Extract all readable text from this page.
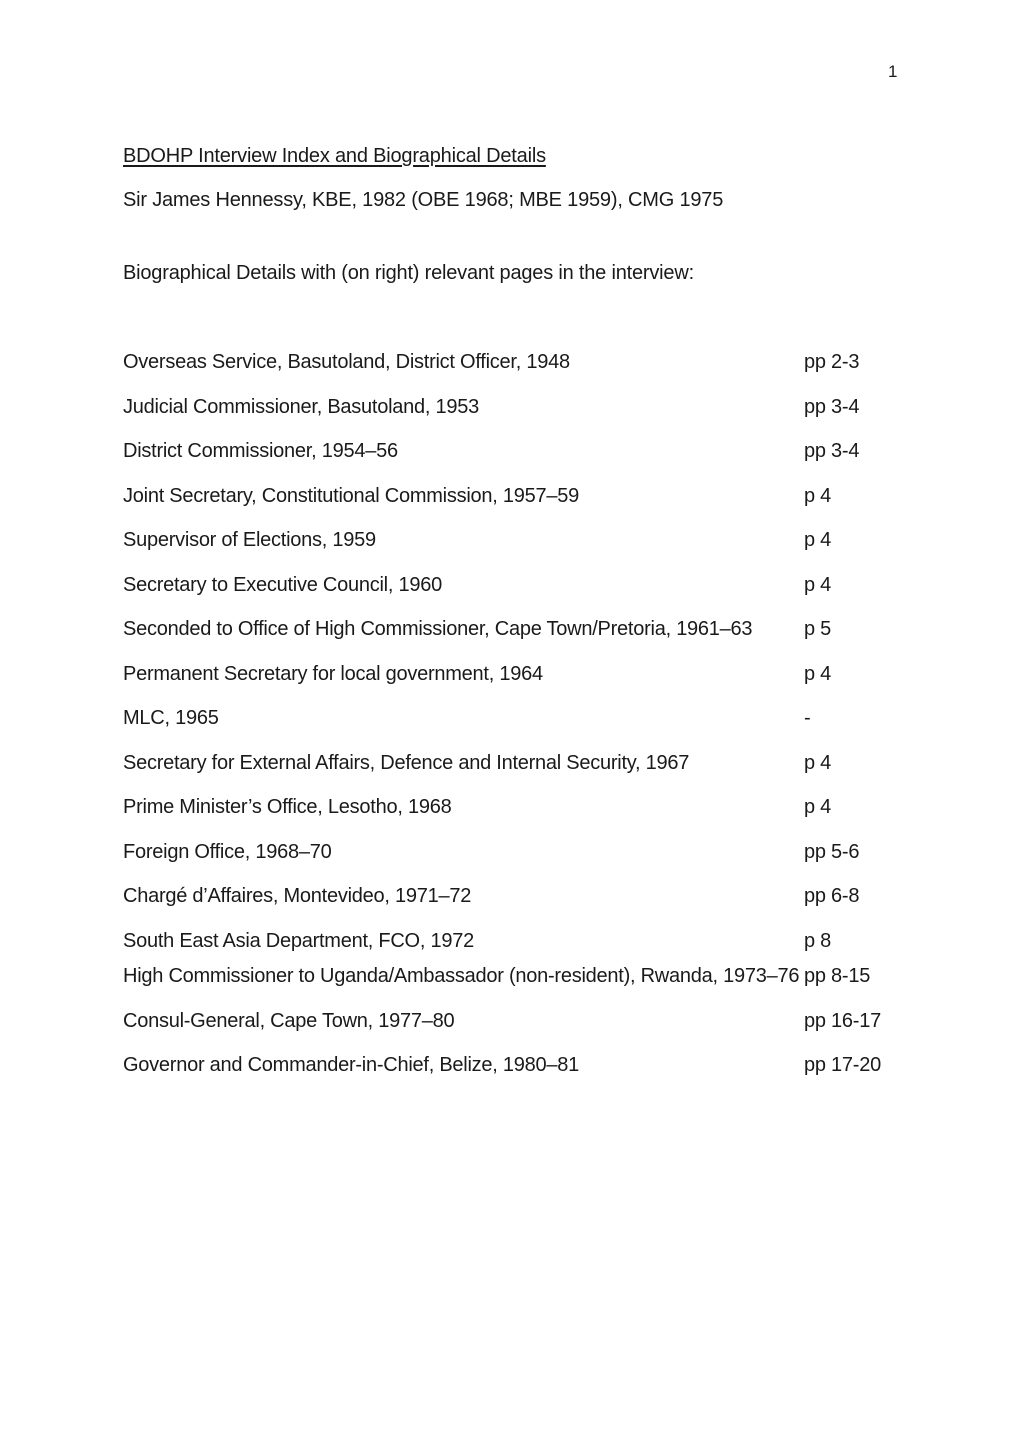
1
BDOHP Interview Index and Biographical Details
Sir James Hennessy, KBE, 1982 (OBE 1968; MBE 1959), CMG 1975
Biographical Details with (on right) relevant pages in the interview:
Overseas Service, Basutoland, District Officer, 1948	pp 2-3
Judicial Commissioner, Basutoland, 1953	pp 3-4
District Commissioner, 1954–56	pp 3-4
Joint Secretary, Constitutional Commission, 1957–59	p 4
Supervisor of Elections, 1959	p 4
Secretary to Executive Council, 1960	p 4
Seconded to Office of High Commissioner, Cape Town/Pretoria, 1961–63	p 5
Permanent Secretary for local government, 1964	p 4
MLC, 1965	-
Secretary for External Affairs, Defence and Internal Security, 1967	p 4
Prime Minister’s Office, Lesotho, 1968	p 4
Foreign Office, 1968–70	pp 5-6
Chargé d’Affaires, Montevideo, 1971–72	pp 6-8
South East Asia Department, FCO, 1972	p 8
High Commissioner to Uganda/Ambassador (non-resident), Rwanda, 1973–76 pp 8-15
Consul-General, Cape Town, 1977–80	pp 16-17
Governor and Commander-in-Chief, Belize, 1980–81	pp 17-20
